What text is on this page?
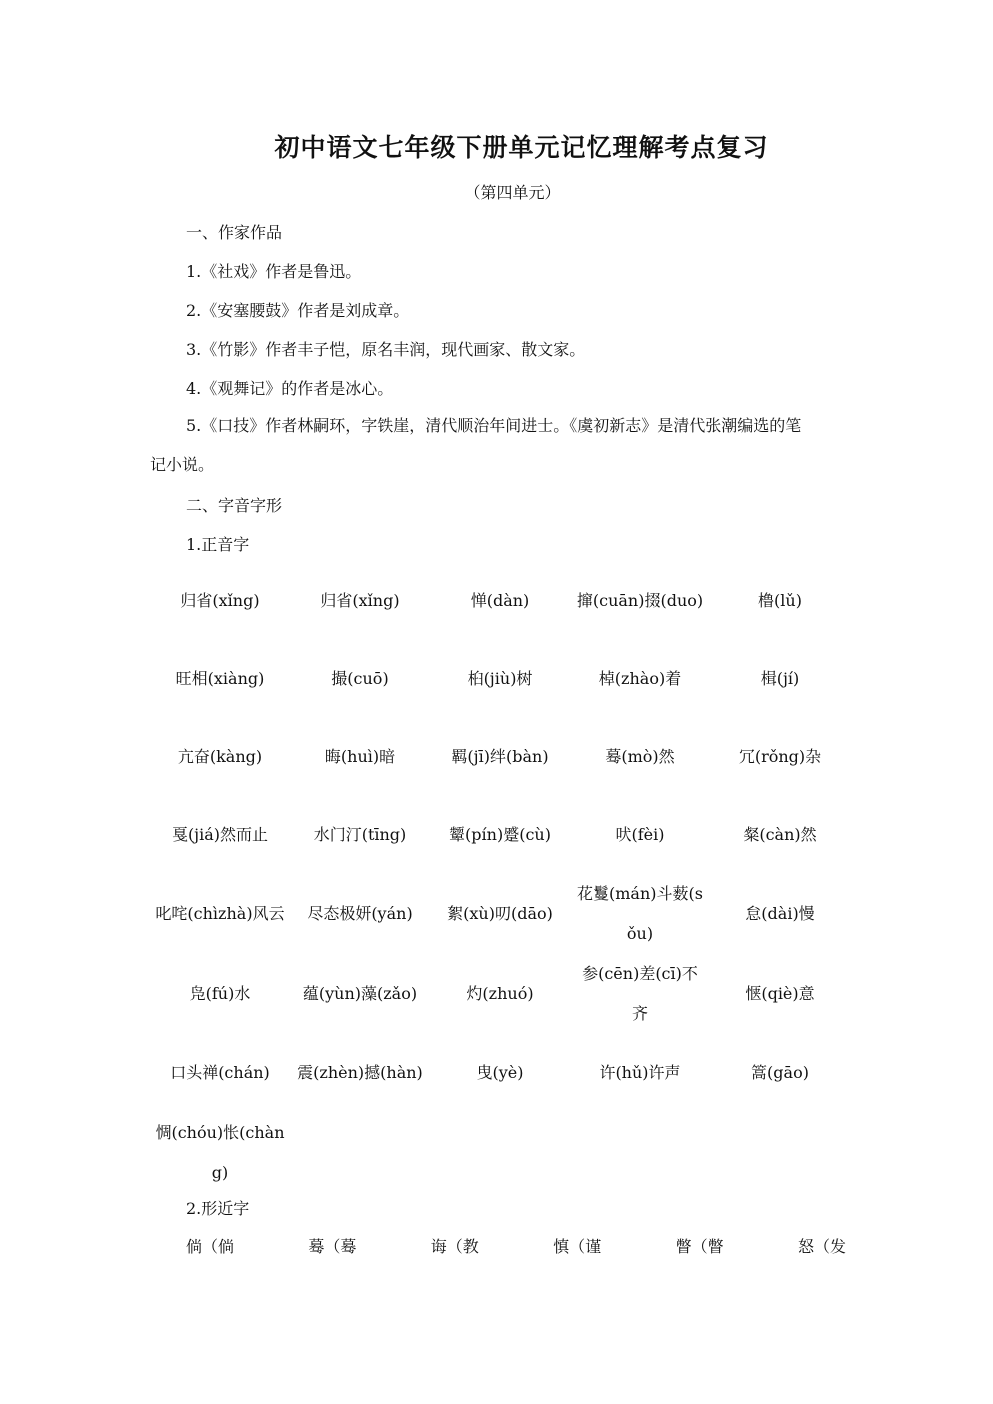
初中语文七年级下册单元记忆理解考点复习
（第四单元）
一、作家作品
1.《社戏》作者是鲁迅。
2.《安塞腰鼓》作者是刘成章。
3.《竹影》作者丰子恺，原名丰润，现代画家、散文家。
4.《观舞记》的作者是冰心。
5.《口技》作者林嗣环，字铁崖，清代顺治年间进士。《虞初新志》是清代张潮编选的笔记小说。
二、字音字形
1.正音字
归省(xǐng)	归省(xǐng)	惮(dàn)	撺(cuān)掇(duo)	橹(lǔ)
旺相(xiàng)	撮(cuō)	桕(jiù)树	棹(zhào)着	楫(jí)
亢奋(kàng)	晦(huì)暗	羁(jī)绊(bàn)	蓦(mò)然	冗(rǒng)杂
戛(jiá)然而止	水门汀(tīng)	颦(pín)蹙(cù)	吠(fèi)	粲(càn)然
叱咤(chìzhà)风云	尽态极妍(yán)	絮(xù)叨(dāo)	花鬘(mán)斗薮(sǒu)	怠(dài)慢
凫(fú)水	蕴(yùn)藻(zǎo)	灼(zhuó)	参(cēn)差(cī)不齐	惬(qiè)意
口头禅(chán)	震(zhèn)撼(hàn)	曳(yè)	许(hǔ)许声	篙(gāo)
惆(chóu)怅(chàng)				
2.形近字
倘（倘	蓦（蓦	诲（教	慎（谨	瞥（瞥	怒（发
